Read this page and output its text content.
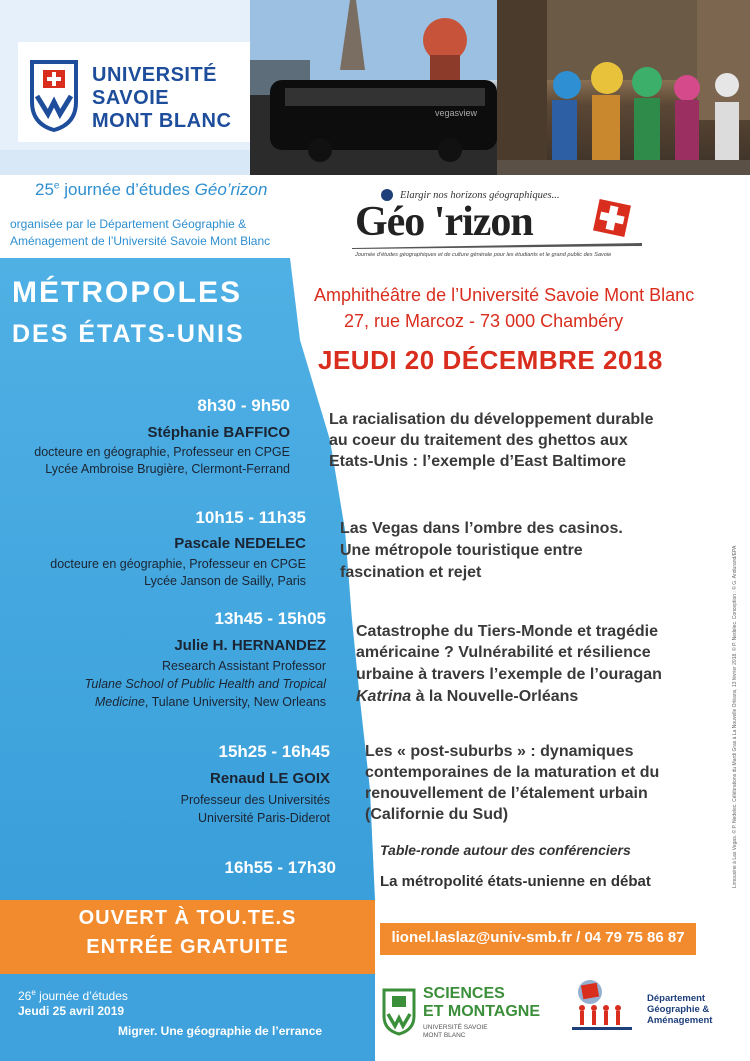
UNIVERSITÉ
SAVOIE
MONT BLANC	vegasview
25e journée d’études Géo’rizon
organisée par le Département Géographie &
Aménagement de l’Université Savoie Mont Blanc
Elargir nos horizons géographiques...
Géo 'rizon
Journée d’études géographiques et de culture générale pour les étudiants et le grand public des Savoie
MÉTROPOLES
DES ÉTATS-UNIS
Amphithéâtre de l’Université Savoie Mont Blanc
27, rue Marcoz - 73 000 Chambéry
JEUDI 20 DÉCEMBRE 2018
8h30 - 9h50
Stéphanie BAFFICO
docteure en géographie, Professeur en CPGE
Lycée Ambroise Brugière, Clermont-Ferrand
La racialisation du développement durable
au coeur du traitement des ghettos aux
Etats-Unis : l’exemple d’East Baltimore
10h15 - 11h35
Pascale NEDELEC
docteure en géographie, Professeur en CPGE
Lycée Janson de Sailly, Paris
Las Vegas dans l’ombre des casinos.
Une métropole touristique entre
fascination et rejet
13h45 - 15h05
Julie H. HERNANDEZ
Research Assistant Professor
Tulane School of Public Health and Tropical
Medicine, Tulane University, New Orleans
Catastrophe du Tiers-Monde et tragédie
américaine ? Vulnérabilité et résilience
urbaine à travers l’exemple de l’ouragan
Katrina à la Nouvelle-Orléans
15h25 - 16h45
Renaud LE GOIX
Professeur des Universités
Université Paris-Diderot
Les « post-suburbs » : dynamiques
contemporaines de la maturation et du
renouvellement de l’étalement urbain
(Californie du Sud)
16h55 - 17h30
Table-ronde autour des conférenciers
La métropolité états-unienne en débat
OUVERT À TOU.TE.S
ENTRÉE GRATUITE	lionel.laslaz@univ-smb.fr / 04 79 75 86 87
26e journée d’études
Jeudi 25 avril 2019
Migrer. Une géographie de l’errance
SCIENCES
ET MONTAGNE
UNIVERSITÉ SAVOIE
MONT BLANC
Département
Géographie &
Aménagement
Limousine à Las Vegas. © P. Nedelec. Célébrations du Mardi Gras à La Nouvelle Orléans, 13 février 2018. © P. Nedelec. Conception : © G. Andurand/EPA
